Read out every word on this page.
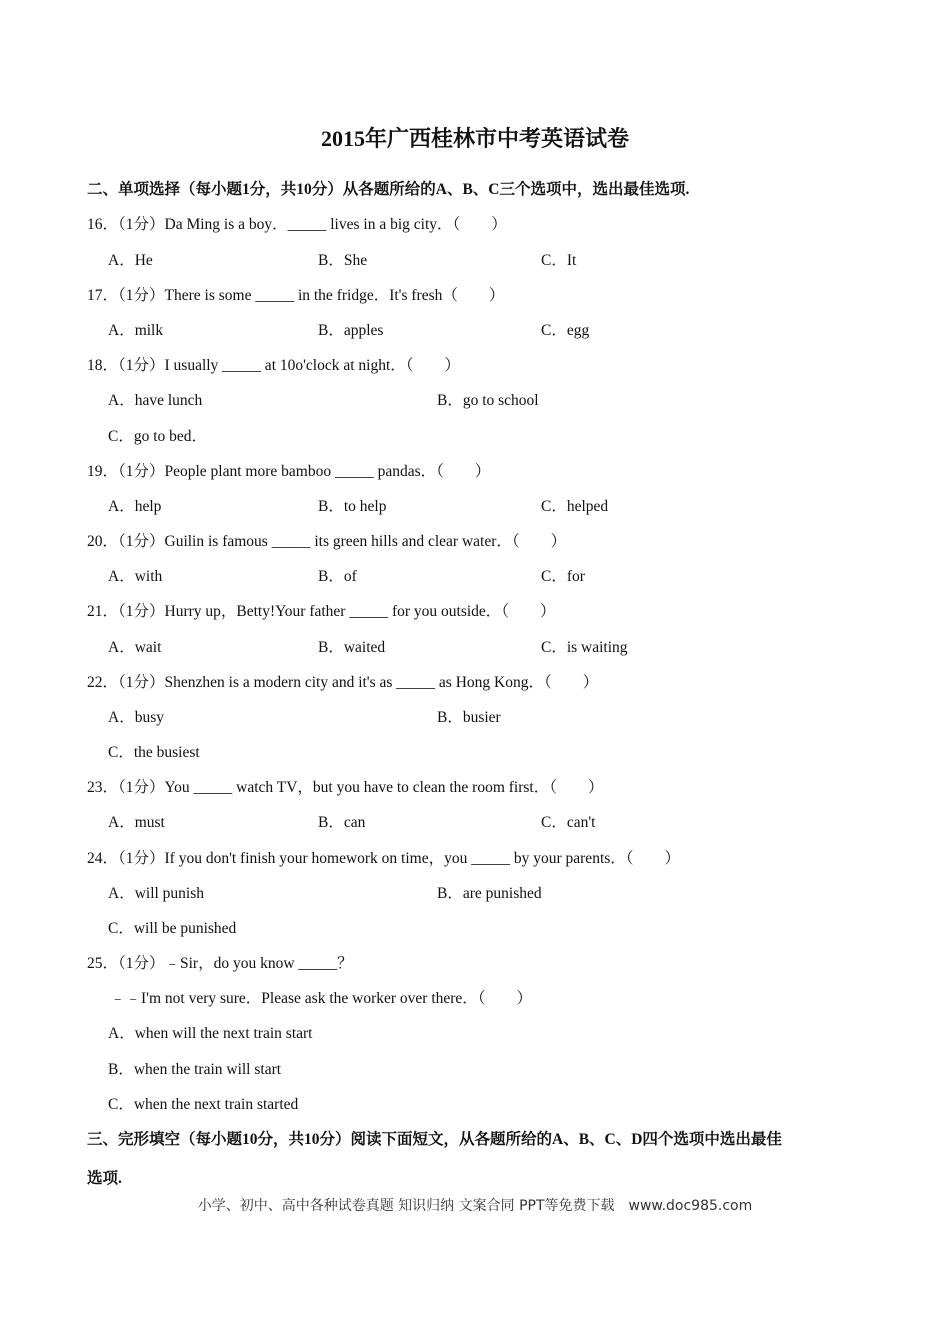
2015年广西桂林市中考英语试卷
二、单项选择（每小题1分，共10分）从各题所给的A、B、C三个选项中，选出最佳选项.
16．（1分）Da Ming is a boy．_____ lives in a big city．（　　）
A．He	B．She	C．It
17．（1分）There is some _____ in the fridge．It's fresh（　　）
A．milk	B．apples	C．egg
18．（1分）I usually _____ at 10o'clock at night．（　　）
A．have lunch	B．go to school
C．go to bed．
19．（1分）People plant more bamboo _____ pandas．（　　）
A．help	B．to help	C．helped
20．（1分）Guilin is famous _____ its green hills and clear water．（　　）
A．with	B．of	C．for
21．（1分）Hurry up，Betty!Your father _____ for you outside．（　　）
A．wait	B．waited	C．is waiting
22．（1分）Shenzhen is a modern city and it's as _____ as Hong Kong．（　　）
A．busy	B．busier
C．the busiest
23．（1分）You _____ watch TV，but you have to clean the room first．（　　）
A．must	B．can	C．can't
24．（1分）If you don't finish your homework on time，you _____ by your parents．（　　）
A．will punish	B．are punished
C．will be punished
25．（1分）﹣Sir，do you know _____？
﹣﹣I'm not very sure．Please ask the worker over there．（　　）
A．when will the next train start
B．when the train will start
C．when the next train started
三、完形填空（每小题10分，共10分）阅读下面短文，从各题所给的A、B、C、D四个选项中选出最佳
选项.
小学、初中、高中各种试卷真题 知识归纳 文案合同 PPT等免费下载　www.doc985.com
